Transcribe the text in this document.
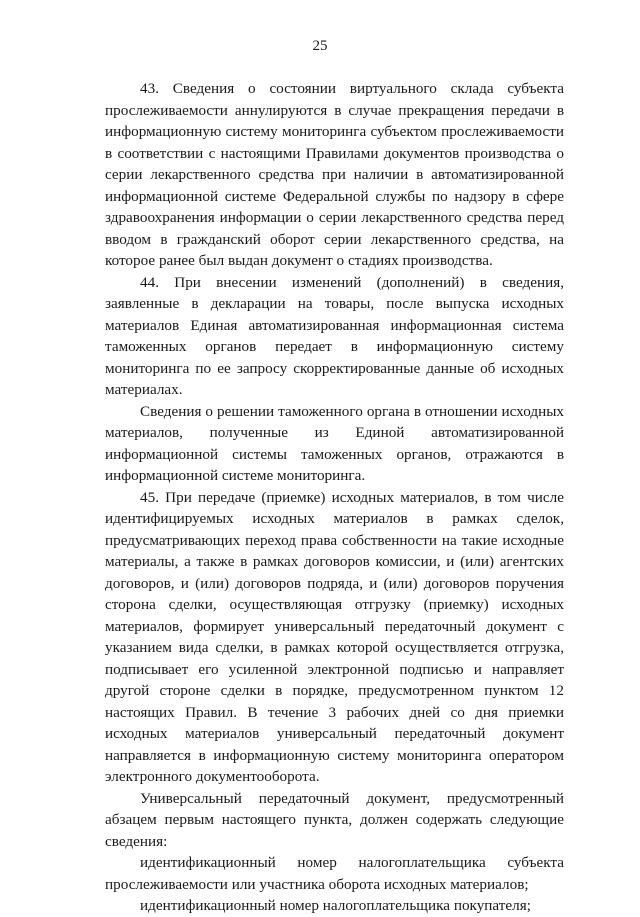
25

43. Сведения о состоянии виртуального склада субъекта прослеживаемости аннулируются в случае прекращения передачи в информационную систему мониторинга субъектом прослеживаемости в соответствии с настоящими Правилами документов производства о серии лекарственного средства при наличии в автоматизированной информационной системе Федеральной службы по надзору в сфере здравоохранения информации о серии лекарственного средства перед вводом в гражданский оборот серии лекарственного средства, на которое ранее был выдан документ о стадиях производства.

44. При внесении изменений (дополнений) в сведения, заявленные в декларации на товары, после выпуска исходных материалов Единая автоматизированная информационная система таможенных органов передает в информационную систему мониторинга по ее запросу скорректированные данные об исходных материалах.

Сведения о решении таможенного органа в отношении исходных материалов, полученные из Единой автоматизированной информационной системы таможенных органов, отражаются в информационной системе мониторинга.

45. При передаче (приемке) исходных материалов, в том числе идентифицируемых исходных материалов в рамках сделок, предусматривающих переход права собственности на такие исходные материалы, а также в рамках договоров комиссии, и (или) агентских договоров, и (или) договоров подряда, и (или) договоров поручения сторона сделки, осуществляющая отгрузку (приемку) исходных материалов, формирует универсальный передаточный документ с указанием вида сделки, в рамках которой осуществляется отгрузка, подписывает его усиленной электронной подписью и направляет другой стороне сделки в порядке, предусмотренном пунктом 12 настоящих Правил. В течение 3 рабочих дней со дня приемки исходных материалов универсальный передаточный документ направляется в информационную систему мониторинга оператором электронного документооборота.

Универсальный передаточный документ, предусмотренный абзацем первым настоящего пункта, должен содержать следующие сведения:

идентификационный номер налогоплательщика субъекта прослеживаемости или участника оборота исходных материалов;

идентификационный номер налогоплательщика покупателя;
